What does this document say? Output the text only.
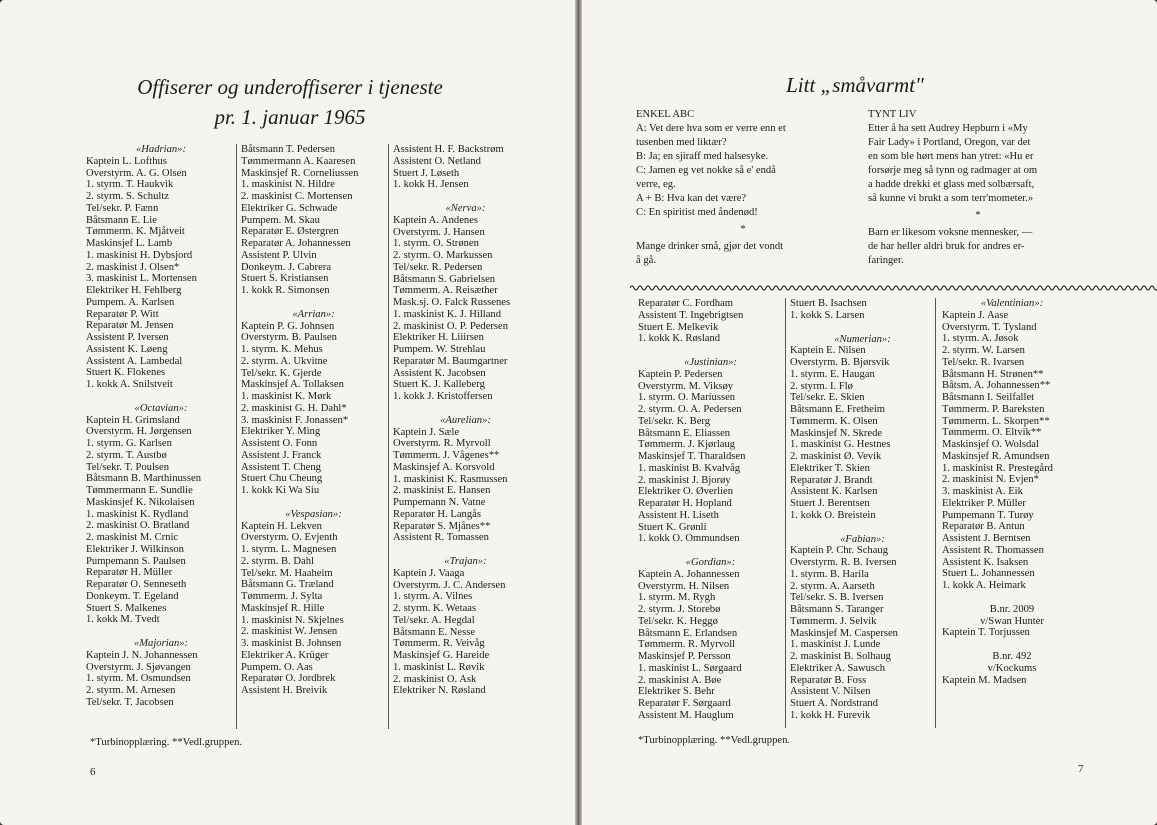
Offiserer og underoffiserer i tjeneste
pr. 1. januar 1965
«Hadrian»:
Kaptein L. Lofthus
Overstyrm. A. G. Olsen
1. styrm. T. Haukvik
2. styrm. S. Schultz
Tel/sekr. P. Fænn
Båtsmann E. Lie
Tømmerm. K. Mjåtveit
Maskinsjef L. Lamb
1. maskinist H. Dybsjord
2. maskinist J. Olsen*
3. maskinist L. Mortensen
Elektriker H. Fehlberg
Pumpem. A. Karlsen
Reparatør P. Witt
Reparatør M. Jensen
Assistent P. Iversen
Assistent K. Løeng
Assistent A. Lambedal
Stuert K. Flokenes
1. kokk A. Snilstveit
«Octavian»:
Kaptein H. Grimsland
Overstyrm. H. Jørgensen
1. styrm. G. Karlsen
2. styrm. T. Austbø
Tel/sekr. T. Poulsen
Båtsmann B. Marthinussen
Tømmermann E. Sundlie
Maskinsjef K. Nikolaisen
1. maskinist K. Rydland
2. maskinist O. Bratland
2. maskinist M. Crnic
Elektriker J. Wilkinson
Pumpemann S. Paulsen
Reparatør H. Müller
Reparatør O. Senneseth
Donkeym. T. Egeland
Stuert S. Malkenes
1. kokk M. Tvedt
«Majorian»:
Kaptein J. N. Johannessen
Overstyrm. J. Sjøvangen
1. styrm. M. Osmundsen
2. styrm. M. Arnesen
Tel/sekr. T. Jacobsen
Båtsmann T. Pedersen
Tømmermann A. Kaaresen
Maskinsjef R. Corneliussen
1. maskinist N. Hildre
2. maskinist C. Mortensen
Elektriker G. Schwade
Pumpem. M. Skau
Reparatør E. Østergren
Reparatør A. Johannessen
Assistent P. Ulvin
Donkeym. J. Cabrera
Stuert S. Kristiansen
1. kokk R. Simonsen
«Arrian»:
Kaptein P. G. Johnsen
Overstyrm. B. Paulsen
1. styrm. K. Mehus
2. styrm. A. Ukvitne
Tel/sekr. K. Gjerde
Maskinsjef A. Tollaksen
1. maskinist K. Mørk
2. maskinist G. H. Dahl*
3. maskinist F. Jonassen*
Elektriker Y. Ming
Assistent O. Fonn
Assistent J. Franck
Assistent T. Cheng
Stuert Chu Cheung
1. kokk Ki Wa Siu
«Vespasian»:
Kaptein H. Lekven
Overstyrm. O. Evjenth
1. styrm. L. Magnesen
2. styrm. B. Dahl
Tel/sekr. M. Haaheim
Båtsmann G. Træland
Tømmerm. J. Sylta
Maskinsjef R. Hille
1. maskinist N. Skjelnes
2. maskinist W. Jensen
3. maskinist B. Johnsen
Elektriker A. Krüger
Pumpem. O. Aas
Reparatør O. Jordbrek
Assistent H. Breivik
Assistent H. F. Backstrøm
Assistent O. Netland
Stuert J. Løseth
1. kokk H. Jensen
«Nerva»:
Kaptein A. Andenes
Overstyrm. J. Hansen
1. styrm. O. Strønen
2. styrm. O. Markussen
Tel/sekr. R. Pedersen
Båtsmann S. Gabrielsen
Tømmerm. A. Reisæther
Mask.sj. O. Falck Russenes
1. maskinist K. J. Hilland
2. maskinist O. P. Pedersen
Elektriker H. Liiirsen
Pumpem. W. Strehlau
Reparatør M. Baumgartner
Assistent K. Jacobsen
Stuert K. J. Kalleberg
1. kokk J. Kristoffersen
«Aurelian»:
Kaptein J. Sæle
Overstyrm. R. Myrvoll
Tømmerm. J. Vågenes**
Maskinsjef A. Korsvold
1. maskinist K. Rasmussen
2. maskinist E. Hansen
Pumpemann N. Vatne
Reparatør H. Langås
Reparatør S. Mjånes**
Assistent R. Tomassen
«Trajan»:
Kaptein J. Vaaga
Overstyrm. J. C. Andersen
1. styrm. A. Vilnes
2. styrm. K. Wetaas
Tel/sekr. A. Hegdal
Båtsmann E. Nesse
Tømmerm. R. Veivåg
Maskinsjef G. Hareide
1. maskinist L. Røvik
2. maskinist O. Ask
Elektriker N. Røsland
*Turbinopplæring. **Vedl.gruppen.
6
Litt „småvarmt"
ENKEL ABC
A: Vet dere hva som er verre enn et
tusenben med liktær?
B: Ja; en sjiraff med halsesyke.
C: Jamen eg vet nokke så e' endå
verre, eg.
A + B: Hva kan det være?
C: En spiritist med åndenød!
*
Mange drinker små, gjør det vondt
å gå.
TYNT LIV
Etter å ha sett Audrey Hepburn i «My
Fair Lady» i Portland, Oregon, var det
en som ble hørt mens han ytret: «Hu er
forsørje meg så tynn og radmager at om
a hadde drekki et glass med solbærsaft,
så kunne vi brukt a som terr'mometer.»
*
Barn er likesom voksne mennesker, —
de har heller aldri bruk for andres er-
faringer.
Reparatør C. Fordham
Assistent T. Ingebrigtsen
Stuert E. Melkevik
1. kokk K. Røsland
«Justinian»:
Kaptein P. Pedersen
Overstyrm. M. Viksøy
1. styrm. O. Mariussen
2. styrm. O. A. Pedersen
Tel/sekr. K. Berg
Båtsmann E. Eliassen
Tømmerm. J. Kjørlaug
Maskinsjef T. Tharaldsen
1. maskinist B. Kvalvåg
2. maskinist J. Bjorøy
Elektriker O. Øverlien
Reparatør H. Hopland
Assistent H. Liseth
Stuert K. Grønli
1. kokk O. Ommundsen
«Gordian»:
Kaptein A. Johannessen
Overstyrm. H. Nilsen
1. styrm. M. Rygh
2. styrm. J. Storebø
Tel/sekr. K. Heggø
Båtsmann E. Erlandsen
Tømmerm. R. Myrvoll
Maskinsjef P. Persson
1. maskinist L. Sørgaard
2. maskinist A. Bøe
Elektriker S. Behr
Reparatør F. Sørgaard
Assistent M. Hauglum
Stuert B. Isachsen
1. kokk S. Larsen
«Numerian»:
Kaptein E. Nilsen
Overstyrm. B. Bjørsvik
1. styrm. E. Haugan
2. styrm. I. Flø
Tel/sekr. E. Skien
Båtsmann E. Fretheim
Tømmerm. K. Olsen
Maskinsjef N. Skrede
1. maskinist G. Hestnes
2. maskinist Ø. Vevik
Elektriker T. Skien
Reparatør J. Brandt
Assistent K. Karlsen
Stuert J. Berentsen
1. kokk O. Breistein
«Fabian»:
Kaptein P. Chr. Schaug
Overstyrm. R. B. Iversen
1. styrm. B. Harila
2. styrm. A. Aarseth
Tel/sekr. S. B. Iversen
Båtsmann S. Taranger
Tømmerm. J. Selvik
Maskinsjef M. Caspersen
1. maskinist J. Lunde
2. maskinist B. Solhaug
Elektriker A. Sawusch
Reparatør B. Foss
Assistent V. Nilsen
Stuert A. Nordstrand
1. kokk H. Furevik
«Valentinian»:
Kaptein J. Aase
Overstyrm. T. Tysland
1. styrm. A. Jøsok
2. styrm. W. Larsen
Tel/sekr. R. Ivarsen
Båtsmann H. Strønen**
Båtsm. A. Johannessen**
Båtsmann I. Seilfallet
Tømmerm. P. Bareksten
Tømmerm. L. Skorpen**
Tømmerm. O. Eltvik**
Maskinsjef O. Wolsdal
Maskinsjef R. Amundsen
1. maskinist R. Prestegård
2. maskinist N. Evjen*
3. maskinist A. Eik
Elektriker P. Müller
Pumpemann T. Turøy
Reparatør B. Antun
Assistent J. Berntsen
Assistent R. Thomassen
Assistent K. Isaksen
Stuert L. Johannessen
1. kokk A. Heimark
B.nr. 2009
v/Swan Hunter
Kaptein T. Torjussen
B.nr. 492
v/Kockums
Kaptein M. Madsen
*Turbinopplæring. **Vedl.gruppen.
7
